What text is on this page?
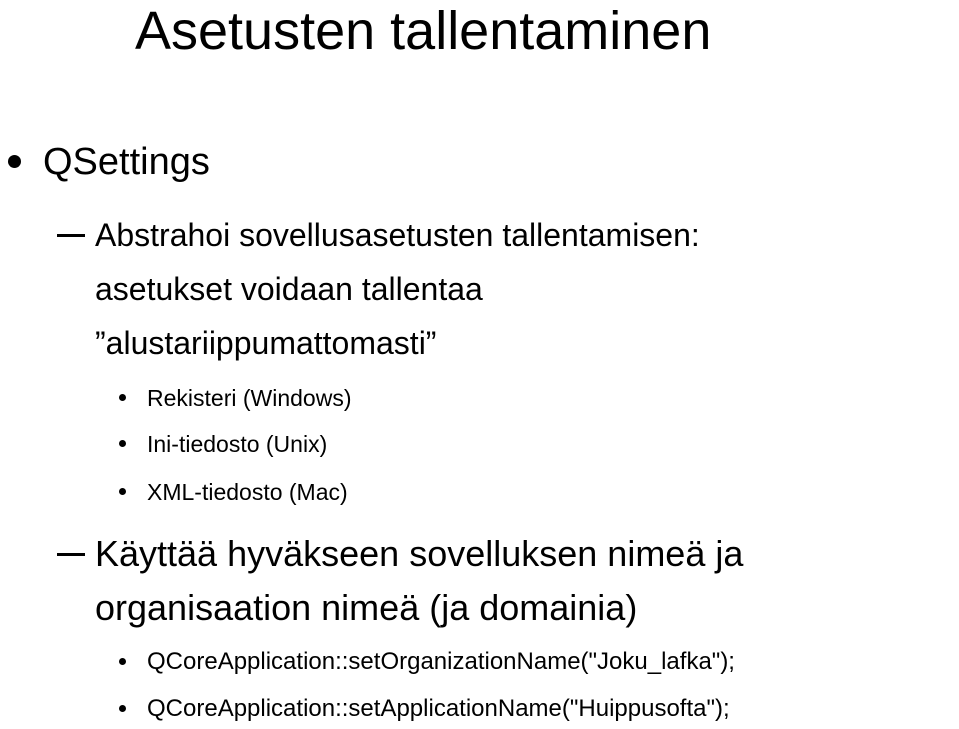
Asetusten tallentaminen
QSettings
Abstrahoi sovellusasetusten tallentamisen:
asetukset voidaan tallentaa
”alustariippumattomasti”
Rekisteri (Windows)
Ini-tiedosto (Unix)
XML-tiedosto (Mac)
Käyttää hyväkseen sovelluksen nimeä ja
organisaation nimeä (ja domainia)
QCoreApplication::setOrganizationName("Joku_lafka");
QCoreApplication::setApplicationName("Huippusofta");
